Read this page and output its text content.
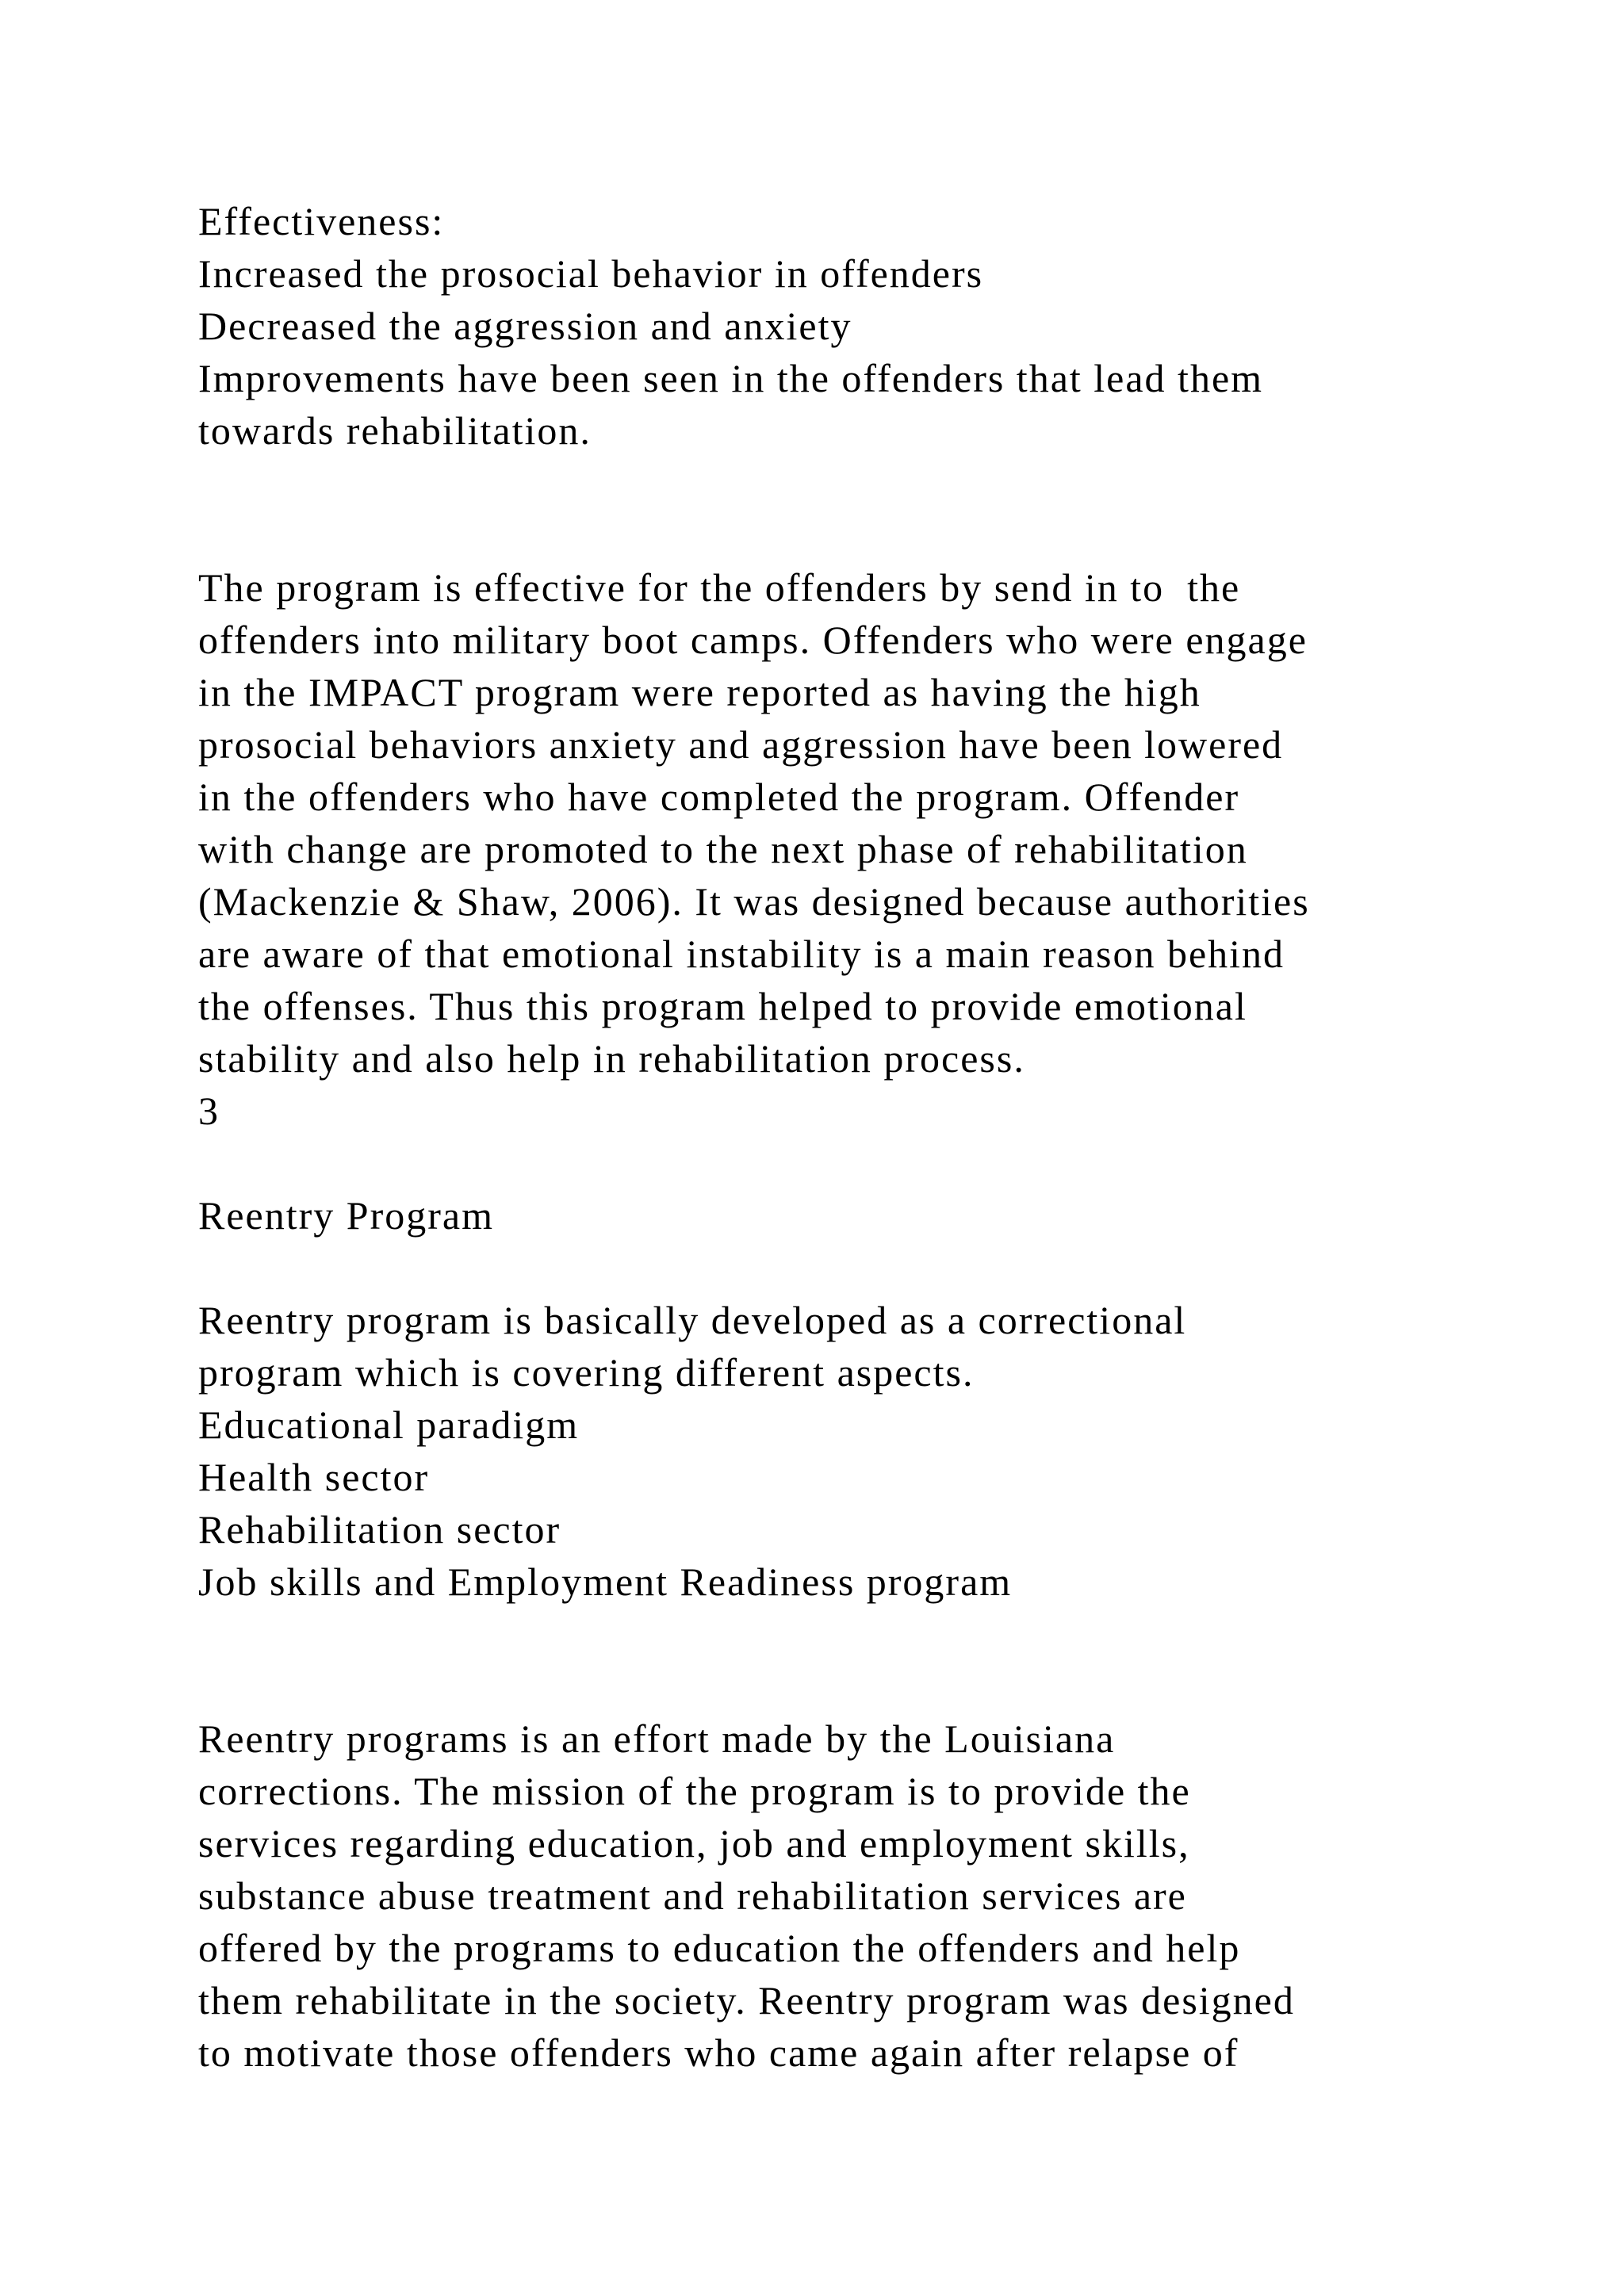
Effectiveness:
Increased the prosocial behavior in offenders
Decreased the aggression and anxiety
Improvements have been seen in the offenders that lead them
towards rehabilitation.
The program is effective for the offenders by send in to  the
offenders into military boot camps. Offenders who were engage
in the IMPACT program were reported as having the high
prosocial behaviors anxiety and aggression have been lowered
in the offenders who have completed the program. Offender
with change are promoted to the next phase of rehabilitation
(Mackenzie & Shaw, 2006). It was designed because authorities
are aware of that emotional instability is a main reason behind
the offenses. Thus this program helped to provide emotional
stability and also help in rehabilitation process.
3
Reentry Program
Reentry program is basically developed as a correctional
program which is covering different aspects.
Educational paradigm
Health sector
Rehabilitation sector
Job skills and Employment Readiness program
Reentry programs is an effort made by the Louisiana
corrections. The mission of the program is to provide the
services regarding education, job and employment skills,
substance abuse treatment and rehabilitation services are
offered by the programs to education the offenders and help
them rehabilitate in the society. Reentry program was designed
to motivate those offenders who came again after relapse of
